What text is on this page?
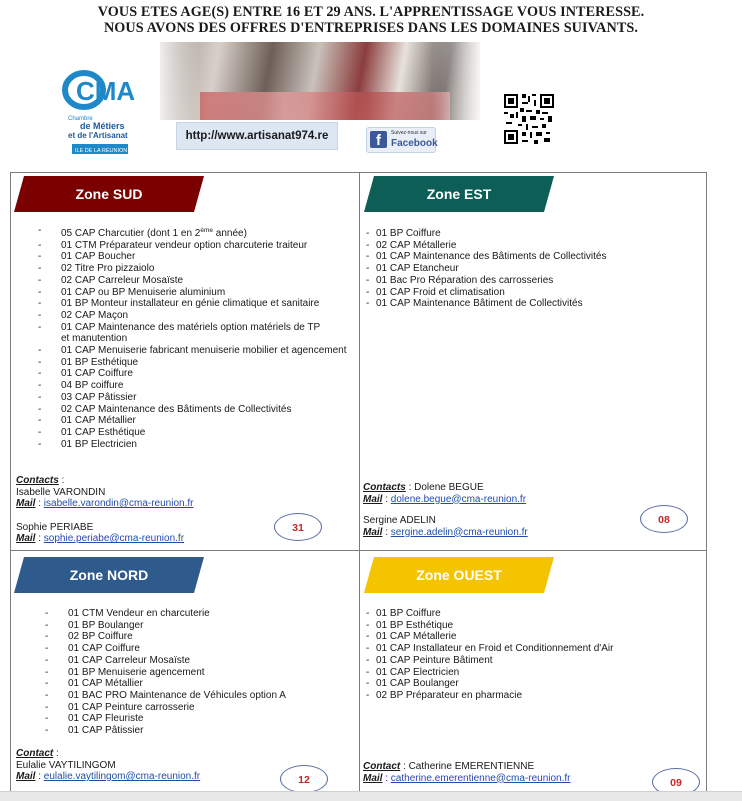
VOUS ETES AGE(S) ENTRE 16 ET 29 ANS. L'APPRENTISSAGE VOUS INTERESSE.
NOUS AVONS DES OFFRES D'ENTREPRISES DANS LES DOMAINES SUIVANTS.
CMA
Chambre
de Métiers
et de l'Artisanat
ILE DE LA RÉUNION
http://www.artisanat974.re	f	Suivez-nous sur
Facebook
Zone SUD
- 05 CAP Charcutier (dont 1 en 2ème année)
- 01 CTM Préparateur vendeur option charcuterie traiteur
- 01 CAP Boucher
- 02 Titre Pro pizzaiolo
- 02 CAP Carreleur Mosaïste
- 01 CAP ou BP Menuiserie aluminium
- 01 BP Monteur installateur en génie climatique et sanitaire
- 02 CAP Maçon
- 01 CAP Maintenance des matériels option matériels de TP et manutention
- 01 CAP Menuiserie fabricant menuiserie mobilier et agencement
- 01 BP Esthétique
- 01 CAP Coiffure
- 04 BP coiffure
- 03 CAP Pâtissier
- 02 CAP Maintenance des Bâtiments de Collectivités
- 01 CAP Métallier
- 01 CAP Esthétique
- 01 BP Electricien
Contacts :
Isabelle VARONDIN
Mail : isabelle.varondin@cma-reunion.fr
Sophie PERIABE
Mail : sophie.periabe@cma-reunion.fr
31
Zone EST
- 01 BP Coiffure
- 02 CAP Métallerie
- 01 CAP Maintenance des Bâtiments de Collectivités
- 01 CAP Etancheur
- 01 Bac Pro Réparation des carrosseries
- 01 CAP Froid et climatisation
- 01 CAP Maintenance Bâtiment de Collectivités
Contacts : Dolene BEGUE
Mail : dolene.begue@cma-reunion.fr
Sergine ADELIN
Mail : sergine.adelin@cma-reunion.fr
08
Zone NORD
- 01 CTM Vendeur en charcuterie
- 01 BP Boulanger
- 02 BP Coiffure
- 01 CAP Coiffure
- 01 CAP Carreleur Mosaïste
- 01 BP Menuiserie agencement
- 01 CAP Métallier
- 01 BAC PRO Maintenance de Véhicules option A
- 01 CAP Peinture carrosserie
- 01 CAP Fleuriste
- 01 CAP Pâtissier
Contact :
Eulalie VAYTILINGOM
Mail : eulalie.vaytilingom@cma-reunion.fr	12
Zone OUEST
- 01 BP Coiffure
- 01 BP Esthétique
- 01 CAP Métallerie
- 01 CAP Installateur en Froid et Conditionnement d'Air
- 01 CAP Peinture Bâtiment
- 01 CAP Electricien
- 01 CAP Boulanger
- 02 BP Préparateur en pharmacie
Contact : Catherine EMERENTIENNE
Mail : catherine.emerentienne@cma-reunion.fr	09
